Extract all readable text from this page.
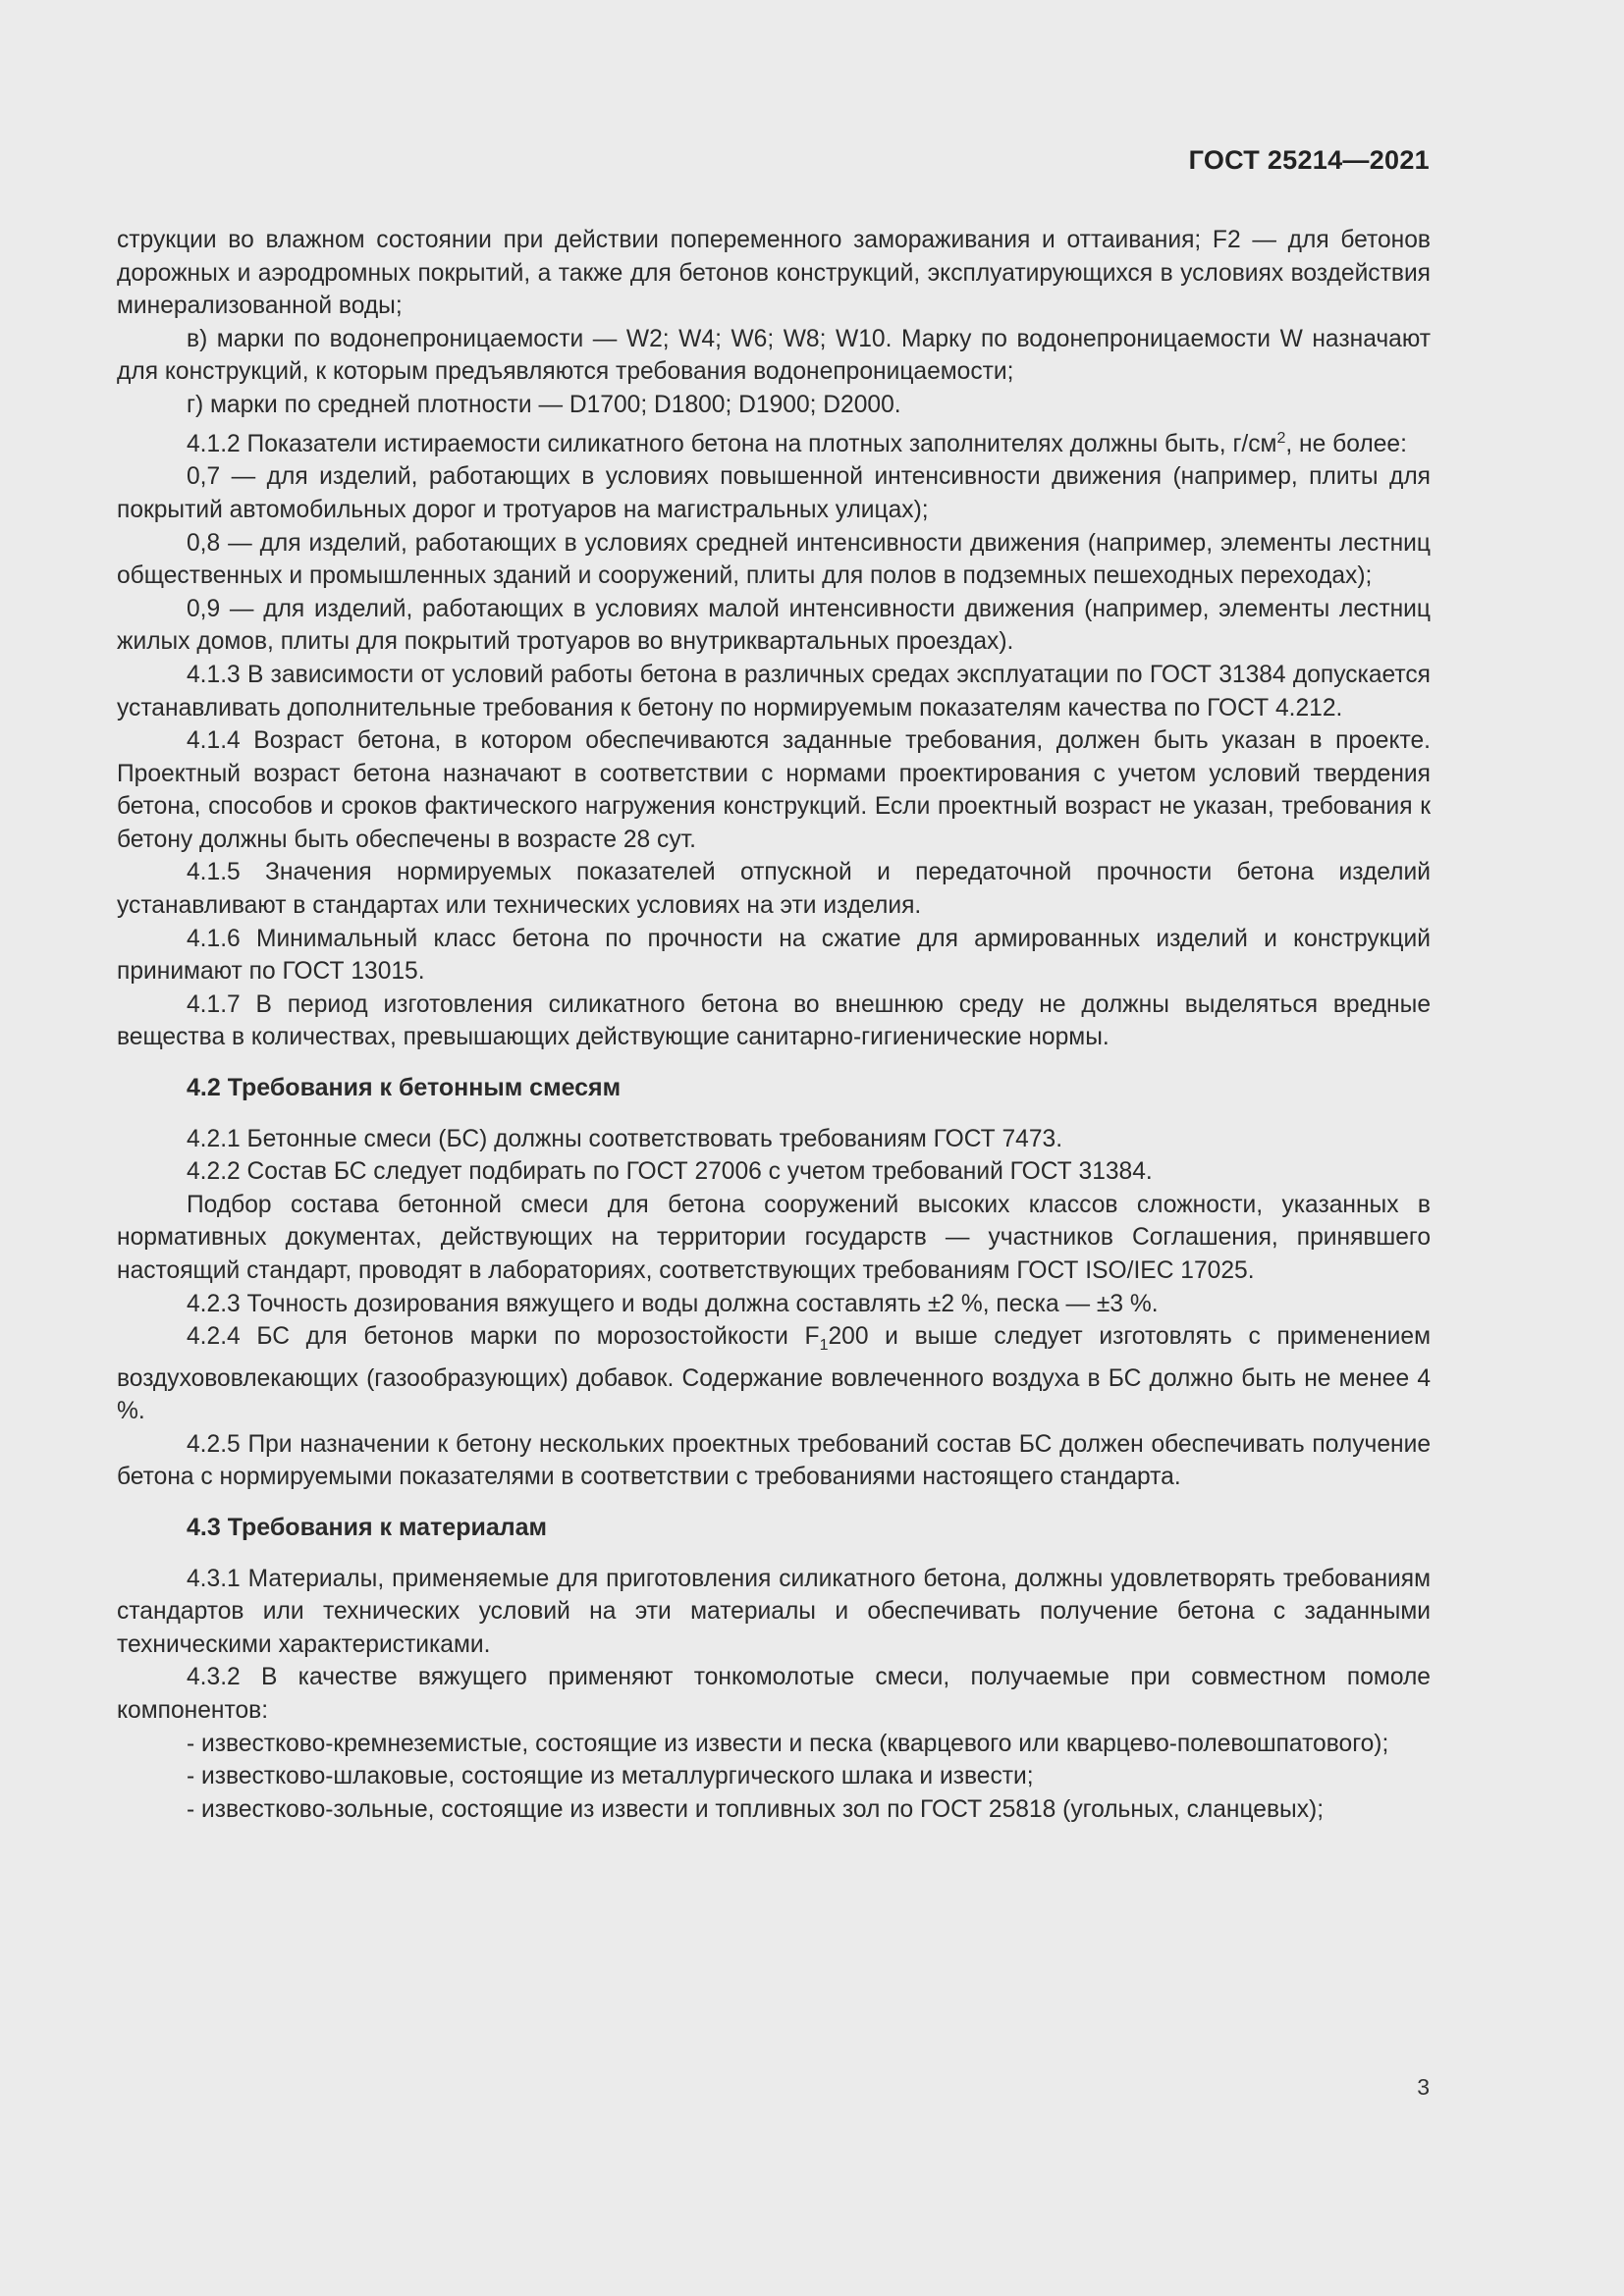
ГОСТ 25214—2021

струкции во влажном состоянии при действии попеременного замораживания и оттаивания; F2 — для бетонов дорожных и аэродромных покрытий, а также для бетонов конструкций, эксплуатирующихся в условиях воздействия минерализованной воды;

в) марки по водонепроницаемости — W2; W4; W6; W8; W10. Марку по водонепроницаемости W назначают для конструкций, к которым предъявляются требования водонепроницаемости;

г) марки по средней плотности — D1700; D1800; D1900; D2000.

4.1.2 Показатели истираемости силикатного бетона на плотных заполнителях должны быть, $г/см^2$, не более:

0,7 — для изделий, работающих в условиях повышенной интенсивности движения (например, плиты для покрытий автомобильных дорог и тротуаров на магистральных улицах);

0,8 — для изделий, работающих в условиях средней интенсивности движения (например, элементы лестниц общественных и промышленных зданий и сооружений, плиты для полов в подземных пешеходных переходах);

0,9 — для изделий, работающих в условиях малой интенсивности движения (например, элементы лестниц жилых домов, плиты для покрытий тротуаров во внутриквартальных проездах).

4.1.3 В зависимости от условий работы бетона в различных средах эксплуатации по ГОСТ 31384 допускается устанавливать дополнительные требования к бетону по нормируемым показателям качества по ГОСТ 4.212.

4.1.4 Возраст бетона, в котором обеспечиваются заданные требования, должен быть указан в проекте. Проектный возраст бетона назначают в соответствии с нормами проектирования с учетом условий твердения бетона, способов и сроков фактического нагружения конструкций. Если проектный возраст не указан, требования к бетону должны быть обеспечены в возрасте 28 сут.

4.1.5 Значения нормируемых показателей отпускной и передаточной прочности бетона изделий устанавливают в стандартах или технических условиях на эти изделия.

4.1.6 Минимальный класс бетона по прочности на сжатие для армированных изделий и конструкций принимают по ГОСТ 13015.

4.1.7 В период изготовления силикатного бетона во внешнюю среду не должны выделяться вредные вещества в количествах, превышающих действующие санитарно-гигиенические нормы.

4.2 Требования к бетонным смесям

4.2.1 Бетонные смеси (БС) должны соответствовать требованиям ГОСТ 7473.

4.2.2 Состав БС следует подбирать по ГОСТ 27006 с учетом требований ГОСТ 31384.

Подбор состава бетонной смеси для бетона сооружений высоких классов сложности, указанных в нормативных документах, действующих на территории государств — участников Соглашения, принявшего настоящий стандарт, проводят в лабораториях, соответствующих требованиям ГОСТ ISO/IEC 17025.

4.2.3 Точность дозирования вяжущего и воды должна составлять ±2 %, песка — ±3 %.

4.2.4 БС для бетонов марки по морозостойкости $F_1200$ и выше следует изготовлять с применением воздухововлекающих (газообразующих) добавок. Содержание вовлеченного воздуха в БС должно быть не менее 4 %.

4.2.5 При назначении к бетону нескольких проектных требований состав БС должен обеспечивать получение бетона с нормируемыми показателями в соответствии с требованиями настоящего стандарта.

4.3 Требования к материалам

4.3.1 Материалы, применяемые для приготовления силикатного бетона, должны удовлетворять требованиям стандартов или технических условий на эти материалы и обеспечивать получение бетона с заданными техническими характеристиками.

4.3.2 В качестве вяжущего применяют тонкомолотые смеси, получаемые при совместном помоле компонентов:

- известково-кремнеземистые, состоящие из извести и песка (кварцевого или кварцево-полевошпатового);

- известково-шлаковые, состоящие из металлургического шлака и извести;

- известково-зольные, состоящие из извести и топливных зол по ГОСТ 25818 (угольных, сланцевых);

3
